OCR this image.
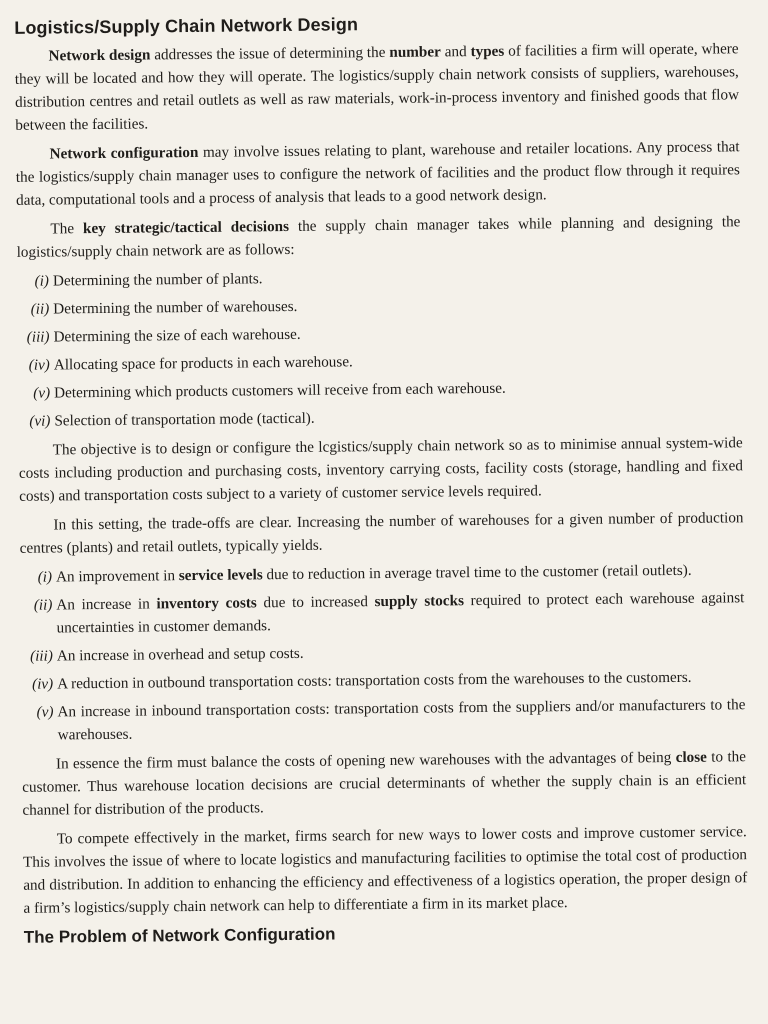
Logistics/Supply Chain Network Design

Network design addresses the issue of determining the number and types of facilities a firm will operate, where they will be located and how they will operate. The logistics/supply chain network consists of suppliers, warehouses, distribution centres and retail outlets as well as raw materials, work-in-process inventory and finished goods that flow between the facilities.

Network configuration may involve issues relating to plant, warehouse and retailer locations. Any process that the logistics/supply chain manager uses to configure the network of facilities and the product flow through it requires data, computational tools and a process of analysis that leads to a good network design.

The key strategic/tactical decisions the supply chain manager takes while planning and designing the logistics/supply chain network are as follows:

(i) Determining the number of plants.
(ii) Determining the number of warehouses.
(iii) Determining the size of each warehouse.
(iv) Allocating space for products in each warehouse.
(v) Determining which products customers will receive from each warehouse.
(vi) Selection of transportation mode (tactical).

The objective is to design or configure the lcgistics/supply chain network so as to minimise annual system-wide costs including production and purchasing costs, inventory carrying costs, facility costs (storage, handling and fixed costs) and transportation costs subject to a variety of customer service levels required.

In this setting, the trade-offs are clear. Increasing the number of warehouses for a given number of production centres (plants) and retail outlets, typically yields.

(i) An improvement in service levels due to reduction in average travel time to the customer (retail outlets).
(ii) An increase in inventory costs due to increased supply stocks required to protect each warehouse against uncertainties in customer demands.
(iii) An increase in overhead and setup costs.
(iv) A reduction in outbound transportation costs: transportation costs from the warehouses to the customers.
(v) An increase in inbound transportation costs: transportation costs from the suppliers and/or manufacturers to the warehouses.

In essence the firm must balance the costs of opening new warehouses with the advantages of being close to the customer. Thus warehouse location decisions are crucial determinants of whether the supply chain is an efficient channel for distribution of the products.

To compete effectively in the market, firms search for new ways to lower costs and improve customer service. This involves the issue of where to locate logistics and manufacturing facilities to optimise the total cost of production and distribution. In addition to enhancing the efficiency and effectiveness of a logistics operation, the proper design of a firm’s logistics/supply chain network can help to differentiate a firm in its market place.

The Problem of Network Configuration
